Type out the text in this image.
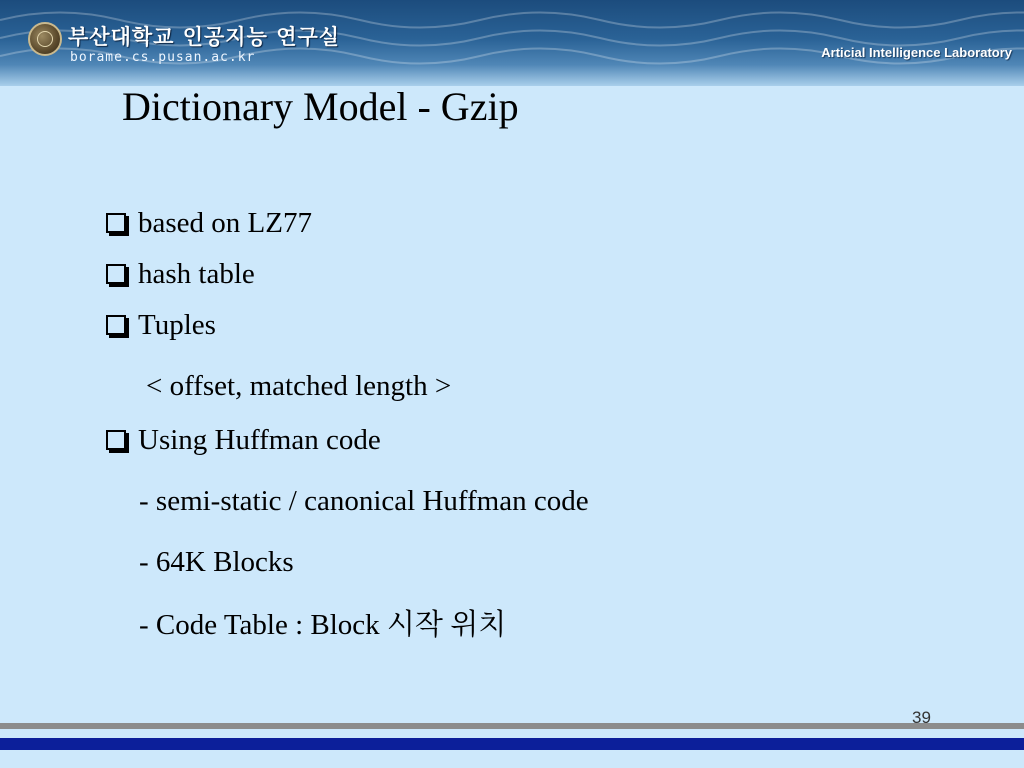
부산대학교 인공지능 연구실
borame.cs.pusan.ac.kr	Articial Intelligence Laboratory
Dictionary Model - Gzip
based on LZ77
hash table
Tuples
< offset, matched length >
Using Huffman code
- semi-static / canonical Huffman code
- 64K Blocks
- Code Table : Block 시작 위치
39
